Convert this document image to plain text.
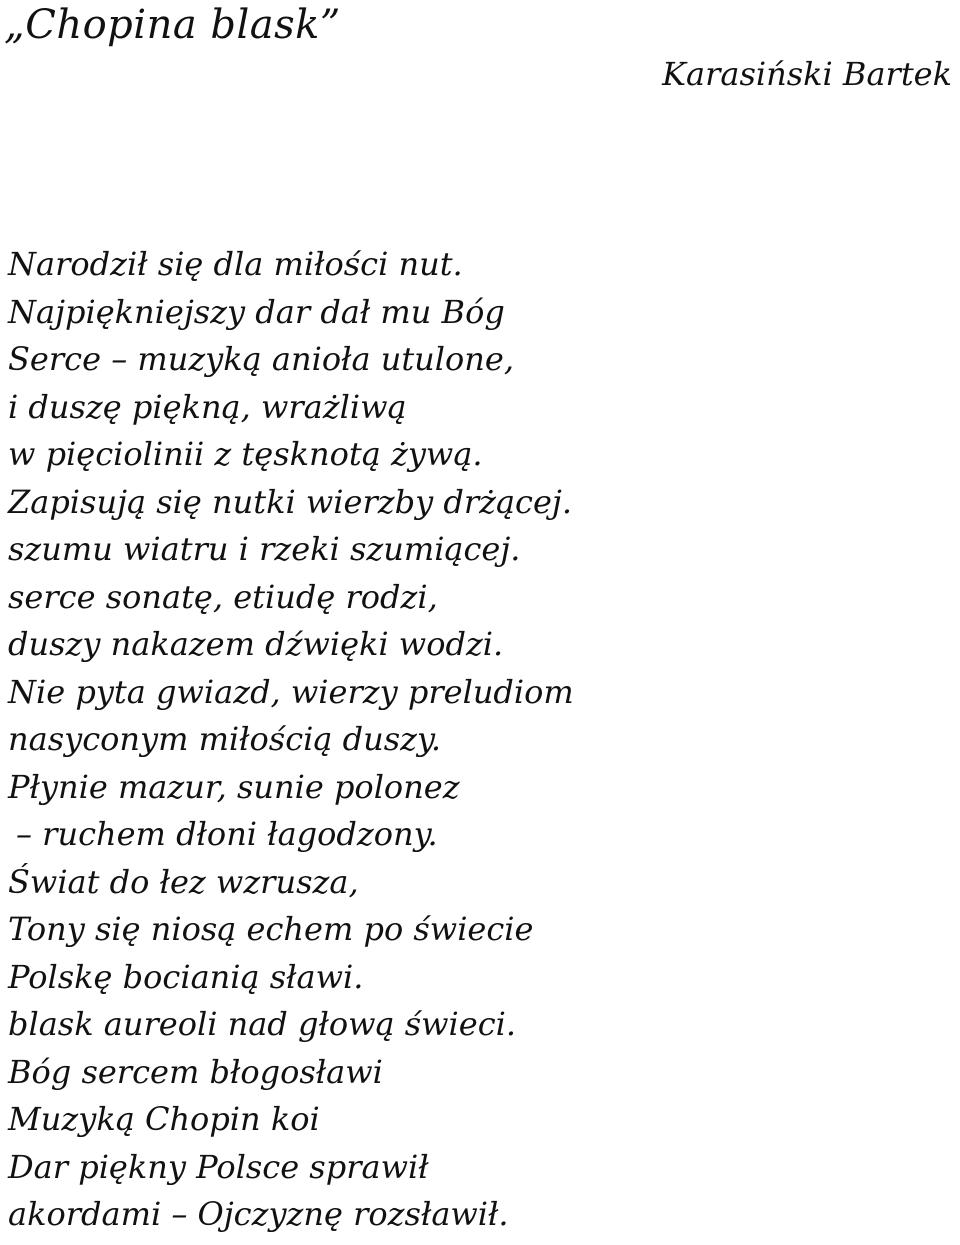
„Chopina blask”
Karasiński Bartek
Narodził się dla miłości nut.
Najpiękniejszy dar dał mu Bóg
Serce – muzyką anioła utulone,
i duszę piękną, wrażliwą
w pięciolinii z tęsknotą żywą.
Zapisują się nutki wierzby drżącej.
szumu wiatru i rzeki szumiącej.
serce sonatę, etiudę rodzi,
duszy nakazem dźwięki wodzi.
Nie pyta gwiazd, wierzy preludiom
nasyconym miłością duszy.
Płynie mazur, sunie polonez
– ruchem dłoni łagodzony.
Świat do łez wzrusza,
Tony się niosą echem po świecie
Polskę bocianią sławi.
blask aureoli nad głową świeci.
Bóg sercem błogosławi
Muzyką Chopin koi
Dar piękny Polsce sprawił
akordami – Ojczyznę rozsławił.
